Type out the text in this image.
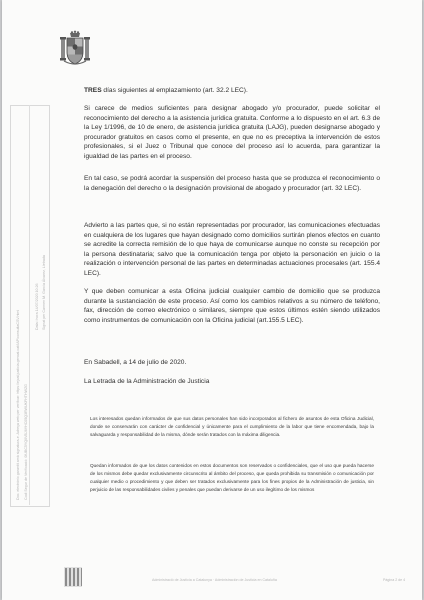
Doc. electrònic garantit amb signatura-e. Adreça web per verificar: https://ejcat.justicia.gencat.cat/IAP/consultaCSV.html Codi Segur de Verificació: 0IUBC5YQ0VBJ6YHC05Q3RWUKFHTHWZG
Data i hora 14/07/2020 10:26 Signat per Carmen M. García Álvarez, Lletrada
TRES días siguientes al emplazamiento (art. 32.2 LEC).
Si carece de medios suficientes para designar abogado y/o procurador, puede solicitar el reconocimiento del derecho a la asistencia jurídica gratuita. Conforme a lo dispuesto en el art. 6.3 de la Ley 1/1996, de 10 de enero, de asistencia jurídica gratuita (LAJG), pueden designarse abogado y procurador gratuitos en casos como el presente, en que no es preceptiva la intervención de estos profesionales, si el Juez o Tribunal que conoce del proceso así lo acuerda, para garantizar la igualdad de las partes en el proceso.
En tal caso, se podrá acordar la suspensión del proceso hasta que se produzca el reconocimiento o la denegación del derecho o la designación provisional de abogado y procurador (art. 32 LEC).
Advierto a las partes que, si no están representadas por procurador, las comunicaciones efectuadas en cualquiera de los lugares que hayan designado como domicilios surtirán plenos efectos en cuanto se acredite la correcta remisión de lo que haya de comunicarse aunque no conste su recepción por la persona destinataria; salvo que la comunicación tenga por objeto la personación en juicio o la realización o intervención personal de las partes en determinadas actuaciones procesales (art. 155.4 LEC).
Y que deben comunicar a esta Oficina judicial cualquier cambio de domicilio que se produzca durante la sustanciación de este proceso. Así como los cambios relativos a su número de teléfono, fax, dirección de correo electrónico o similares, siempre que estos últimos estén siendo utilizados como instrumentos de comunicación con la Oficina judicial (art.155.5 LEC).
En Sabadell, a 14 de julio de 2020.
La Letrada de la Administración de Justicia
Los interesados quedan informados de que sus datos personales han sido incorporados al fichero de asuntos de esta Oficina Judicial, donde se conservarán con carácter de confidencial y únicamente para el cumplimiento de la labor que tiene encomendada, bajo la salvaguarda y responsabilidad de la misma, dónde serán tratados con la máxima diligencia.
Quedan informados de que los datos contenidos en estos documentos son reservados o confidenciales, que el uso que pueda hacerse de los mismos debe quedar exclusivamente circunscrito al ámbito del proceso, que queda prohibida su transmisión o comunicación por cualquier medio o procedimiento y que deben ser tratados exclusivamente para los fines propios de la Administración de justicia, sin perjuicio de las responsabilidades civiles y penales que puedan derivarse de un uso ilegítimo de los mismos
Administració de Justícia a Catalunya · Administración de Justicia en Cataluña	Página 2 de 4
